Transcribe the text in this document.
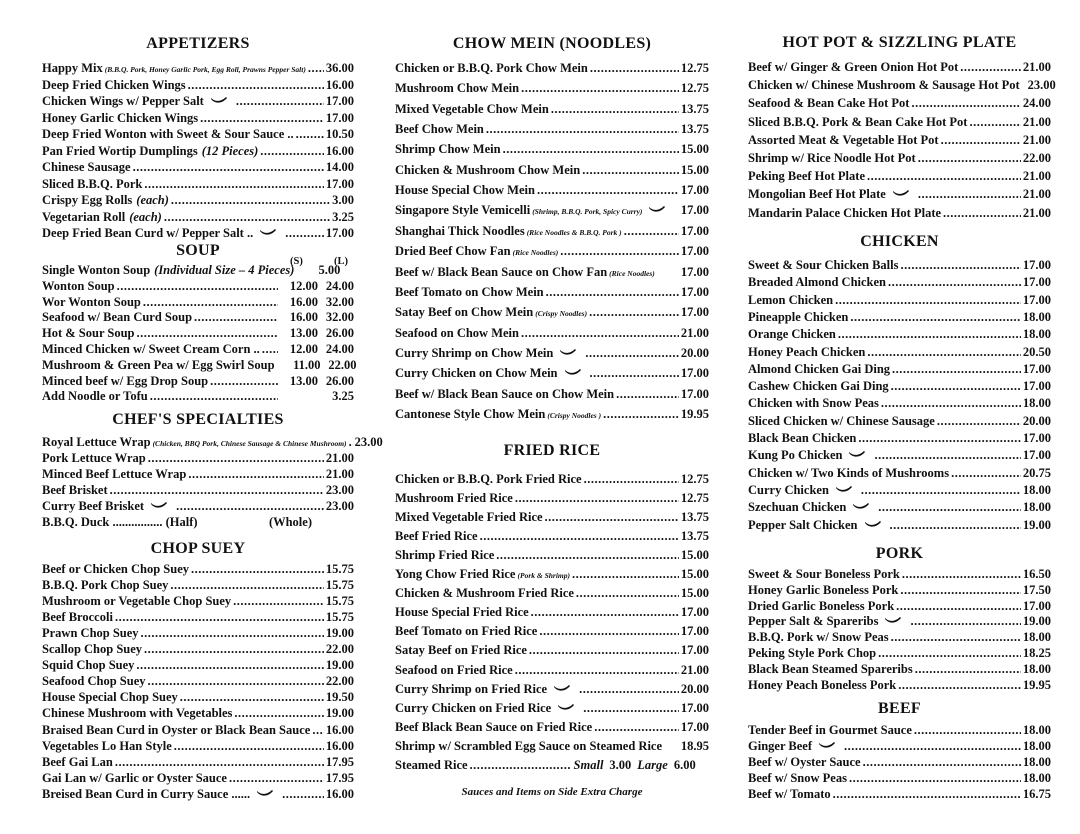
APPETIZERS
Happy Mix (B.B.Q. Pork, Honey Garlic Pork, Egg Roll, Prawns Pepper Salt) ..... 36.00
Deep Fried Chicken Wings .....	16.00
Chicken Wings w/ Pepper Salt .....	17.00
Honey Garlic Chicken Wings .....	17.00
Deep Fried Wonton with Sweet & Sour Sauce .. .....	10.50
Pan Fried Wortip Dumplings (12 Pieces) .....	16.00
Chinese Sausage .....	14.00
Sliced B.B.Q. Pork .....	17.00
Crispy Egg Rolls (each) .....	3.00
Vegetarian Roll (each) .....	3.25
Deep Fried Bean Curd w/ Pepper Salt .. .....	17.00
SOUP
(S)	(L)
Single Wonton Soup (Individual Size – 4 Pieces)	5.00
Wonton Soup .....	12.00 24.00
Wor Wonton Soup .....	16.00 32.00
Seafood w/ Bean Curd Soup .....	16.00 32.00
Hot & Sour Soup .....	13.00 26.00
Minced Chicken w/ Sweet Cream Corn .. .....	12.00 24.00
Mushroom & Green Pea w/ Egg Swirl Soup	11.00 22.00
Minced beef w/ Egg Drop Soup .....	13.00 26.00
Add Noodle or Tofu .....	3.25
CHEF'S SPECIALTIES
Royal Lettuce Wrap (Chicken, BBQ Pork, Chinese Sausage & Chinese Mushroom) ..... 23.00
Pork Lettuce Wrap .....	21.00
Minced Beef Lettuce Wrap .....	21.00
Beef Brisket .....	23.00
Curry Beef Brisket .....	23.00
B.B.Q. Duck ................ (Half)	(Whole)
CHOP SUEY
Beef or Chicken Chop Suey .....	15.75
B.B.Q. Pork Chop Suey .....	15.75
Mushroom or Vegetable Chop Suey .....	15.75
Beef Broccoli .....	15.75
Prawn Chop Suey .....	19.00
Scallop Chop Suey .....	22.00
Squid Chop Suey .....	19.00
Seafood Chop Suey .....	22.00
House Special Chop Suey .....	19.50
Chinese Mushroom with Vegetables .....	19.00
Braised Bean Curd in Oyster or Black Bean Sauce ..... 16.00
Vegetables Lo Han Style .....	16.00
Beef Gai Lan .....	17.95
Gai Lan w/ Garlic or Oyster Sauce .....	17.95
Breised Bean Curd in Curry Sauce ...... .....	16.00
CHOW MEIN (NOODLES)
Chicken or B.B.Q. Pork Chow Mein .....	12.75
Mushroom Chow Mein .....	12.75
Mixed Vegetable Chow Mein .....	13.75
Beef Chow Mein .....	13.75
Shrimp Chow Mein .....	15.00
Chicken & Mushroom Chow Mein .....	15.00
House Special Chow Mein .....	17.00
Singapore Style Vemicelli (Shrimp, B.B.Q. Pork, Spicy Curry)	17.00
Shanghai Thick Noodles (Rice Noodles & B.B.Q. Pork ) .....	17.00
Dried Beef Chow Fan (Rice Noodles) .....	17.00
Beef w/ Black Bean Sauce on Chow Fan (Rice Noodles) 17.00
Beef Tomato on Chow Mein .....	17.00
Satay Beef on Chow Mein (Crispy Noodles) .....	17.00
Seafood on Chow Mein .....	21.00
Curry Shrimp on Chow Mein .....	20.00
Curry Chicken on Chow Mein .....	17.00
Beef w/ Black Bean Sauce on Chow Mein .....	17.00
Cantonese Style Chow Mein (Crispy Noodles ) .....	19.95
FRIED RICE
Chicken or B.B.Q. Pork Fried Rice .....	12.75
Mushroom Fried Rice .....	12.75
Mixed Vegetable Fried Rice .....	13.75
Beef Fried Rice .....	13.75
Shrimp Fried Rice .....	15.00
Yong Chow Fried Rice (Pork & Shrimp) .....	15.00
Chicken & Mushroom Fried Rice .....	15.00
House Special Fried Rice .....	17.00
Beef Tomato on Fried Rice .....	17.00
Satay Beef on Fried Rice .....	17.00
Seafood on Fried Rice .....	21.00
Curry Shrimp on Fried Rice .....	20.00
Curry Chicken on Fried Rice .....	17.00
Beef Black Bean Sauce on Fried Rice .....	17.00
Shrimp w/ Scrambled Egg Sauce on Steamed Rice 18.95
Steamed Rice .....	Small 3.00 Large 6.00
Sauces and Items on Side Extra Charge
HOT POT & SIZZLING PLATE
Beef w/ Ginger & Green Onion Hot Pot .....	21.00
Chicken w/ Chinese Mushroom & Sausage Hot Pot 23.00
Seafood & Bean Cake Hot Pot .....	24.00
Sliced B.B.Q. Pork & Bean Cake Hot Pot .....	21.00
Assorted Meat & Vegetable Hot Pot .....	21.00
Shrimp w/ Rice Noodle Hot Pot .....	22.00
Peking Beef Hot Plate .....	21.00
Mongolian Beef Hot Plate .....	21.00
Mandarin Palace Chicken Hot Plate .....	21.00
CHICKEN
Sweet & Sour Chicken Balls .....	17.00
Breaded Almond Chicken .....	17.00
Lemon Chicken .....	17.00
Pineapple Chicken .....	18.00
Orange Chicken .....	18.00
Honey Peach Chicken .....	20.50
Almond Chicken Gai Ding .....	17.00
Cashew Chicken Gai Ding .....	17.00
Chicken with Snow Peas .....	18.00
Sliced Chicken w/ Chinese Sausage .....	20.00
Black Bean Chicken .....	17.00
Kung Po Chicken .....	17.00
Chicken w/ Two Kinds of Mushrooms .....	20.75
Curry Chicken .....	18.00
Szechuan Chicken .....	18.00
Pepper Salt Chicken .....	19.00
PORK
Sweet & Sour Boneless Pork .....	16.50
Honey Garlic Boneless Pork .....	17.50
Dried Garlic Boneless Pork .....	17.00
Pepper Salt & Spareribs .....	19.00
B.B.Q. Pork w/ Snow Peas .....	18.00
Peking Style Pork Chop .....	18.25
Black Bean Steamed Spareribs .....	18.00
Honey Peach Boneless Pork .....	19.95
BEEF
Tender Beef in Gourmet Sauce .....	18.00
Ginger Beef .....	18.00
Beef w/ Oyster Sauce .....	18.00
Beef w/ Snow Peas .....	18.00
Beef w/ Tomato .....	16.75
